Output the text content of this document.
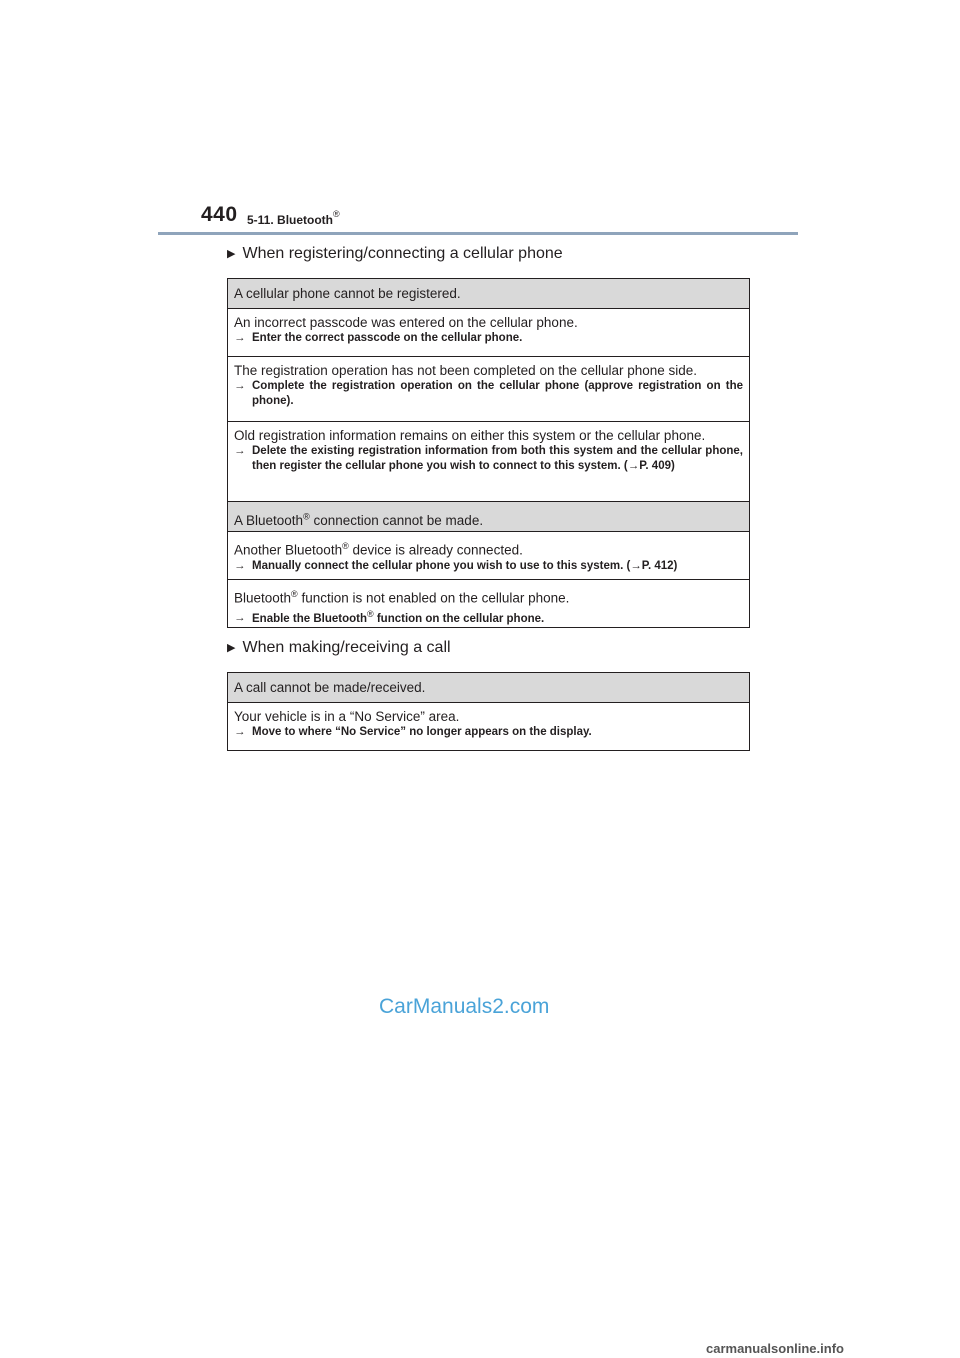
440 5-11. Bluetooth®
▶ When registering/connecting a cellular phone
A cellular phone cannot be registered.
An incorrect passcode was entered on the cellular phone.
→ Enter the correct passcode on the cellular phone.
The registration operation has not been completed on the cellular phone side.
→ Complete the registration operation on the cellular phone (approve registration on the phone).
Old registration information remains on either this system or the cellular phone.
→ Delete the existing registration information from both this system and the cellular phone, then register the cellular phone you wish to connect to this system. (→P. 409)
A Bluetooth® connection cannot be made.
Another Bluetooth® device is already connected.
→ Manually connect the cellular phone you wish to use to this system. (→P. 412)
Bluetooth® function is not enabled on the cellular phone.
→ Enable the Bluetooth® function on the cellular phone.
▶ When making/receiving a call
A call cannot be made/received.
Your vehicle is in a “No Service” area.
→ Move to where “No Service” no longer appears on the display.
CarManuals2.com
carmanualsonline.info
